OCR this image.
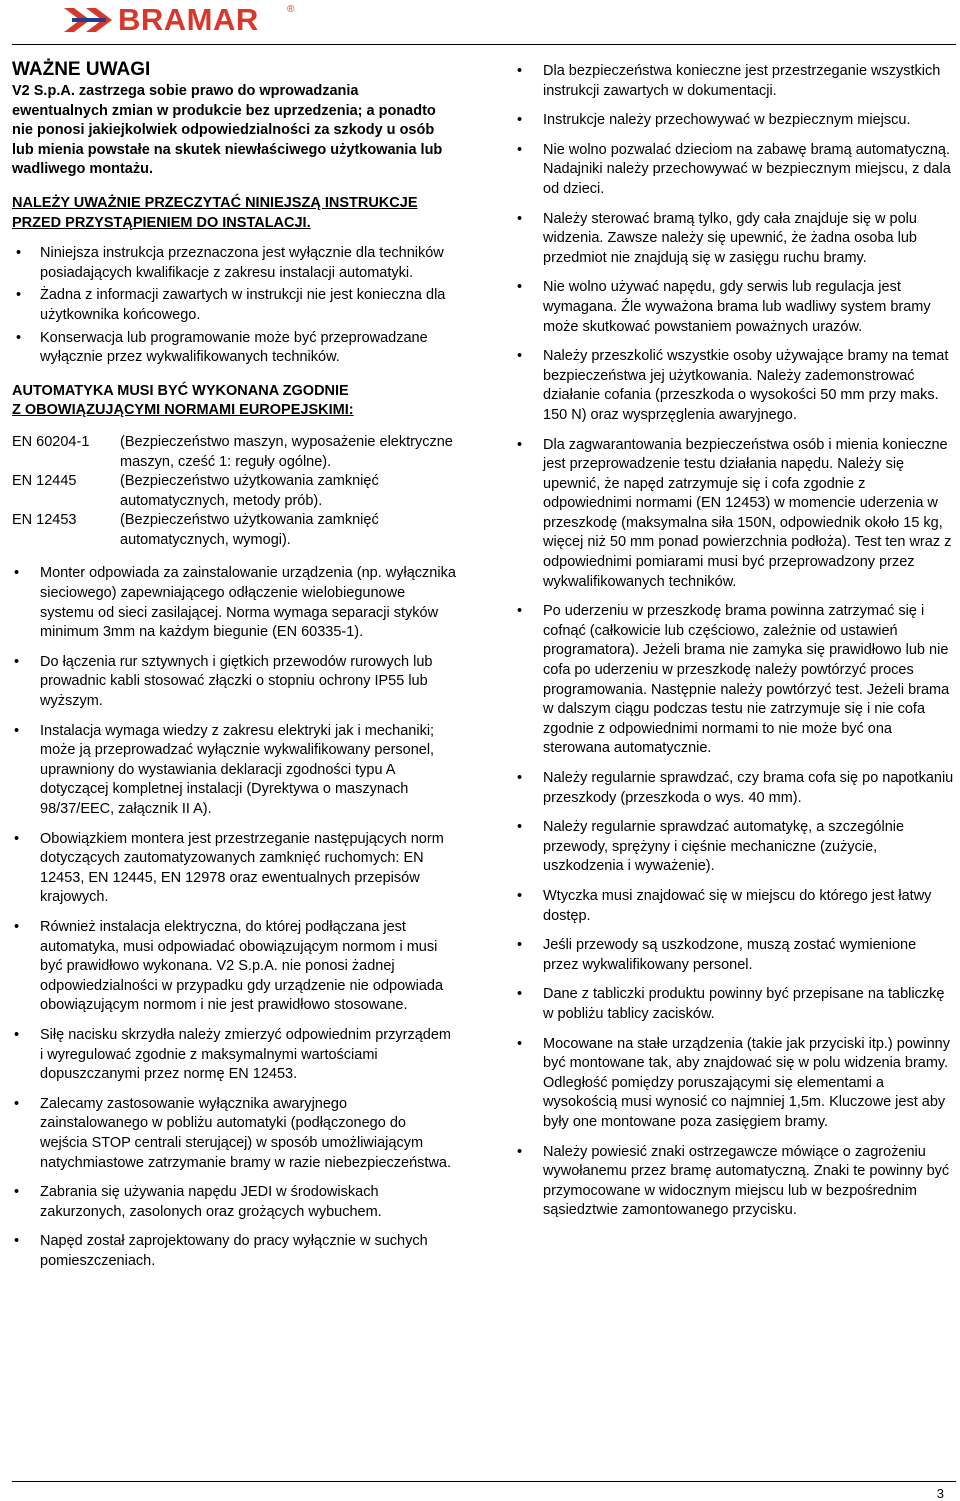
BRAMAR	®

WAŻNE UWAGI

V2 S.p.A. zastrzega sobie prawo do wprowadzania ewentualnych zmian w produkcie bez uprzedzenia; a ponadto nie ponosi jakiejkolwiek odpowiedzialności za szkody u osób lub mienia powstałe na skutek niewłaściwego użytkowania lub wadliwego montażu.

NALEŻY UWAŻNIE PRZECZYTAĆ NINIEJSZĄ INSTRUKCJE PRZED PRZYSTĄPIENIEM DO INSTALACJI.

• Niniejsza instrukcja przeznaczona jest wyłącznie dla techników posiadających kwalifikacje z zakresu instalacji automatyki.
• Żadna z informacji zawartych w instrukcji nie jest konieczna dla użytkownika końcowego.
• Konserwacja lub programowanie może być przeprowadzane wyłącznie przez wykwalifikowanych techników.

AUTOMATYKA MUSI BYĆ WYKONANA ZGODNIE
Z OBOWIĄZUJĄCYMI NORMAMI EUROPEJSKIMI:

EN 60204-1	(Bezpieczeństwo maszyn, wyposażenie elektryczne maszyn, cześć 1: reguły ogólne).
EN 12445	(Bezpieczeństwo użytkowania zamknięć automatycznych, metody prób).
EN 12453	(Bezpieczeństwo użytkowania zamknięć automatycznych, wymogi).
• Monter odpowiada za zainstalowanie urządzenia (np. wyłącznika sieciowego) zapewniającego odłączenie wielobiegunowe systemu od sieci zasilającej. Norma wymaga separacji styków minimum 3mm na każdym biegunie (EN 60335-1).
• Do łączenia rur sztywnych i giętkich przewodów rurowych lub prowadnic kabli stosować złączki o stopniu ochrony IP55 lub wyższym.
• Instalacja wymaga wiedzy z zakresu elektryki jak i mechaniki; może ją przeprowadzać wyłącznie wykwalifikowany personel, uprawniony do wystawiania deklaracji zgodności typu A dotyczącej kompletnej instalacji (Dyrektywa o maszynach 98/37/EEC, załącznik II A).
• Obowiązkiem montera jest przestrzeganie następujących norm dotyczących zautomatyzowanych zamknięć ruchomych: EN 12453, EN 12445, EN 12978 oraz ewentualnych przepisów krajowych.
• Również instalacja elektryczna, do której podłączana jest automatyka, musi odpowiadać obowiązującym normom i musi być prawidłowo wykonana. V2 S.p.A. nie ponosi żadnej odpowiedzialności w przypadku gdy urządzenie nie odpowiada obowiązującym normom i nie jest prawidłowo stosowane.
• Siłę nacisku skrzydła należy zmierzyć odpowiednim przyrządem i wyregulować zgodnie z maksymalnymi wartościami dopuszczanymi przez normę EN 12453.
• Zalecamy zastosowanie wyłącznika awaryjnego zainstalowanego w pobliżu automatyki (podłączonego do wejścia STOP centrali sterującej) w sposób umożliwiającym natychmiastowe zatrzymanie bramy w razie niebezpieczeństwa.
• Zabrania się używania napędu JEDI w środowiskach zakurzonych, zasolonych oraz grożących wybuchem.
• Napęd został zaprojektowany do pracy wyłącznie w suchych pomieszczeniach.
• Dla bezpieczeństwa konieczne jest przestrzeganie wszystkich instrukcji zawartych w dokumentacji.
• Instrukcje należy przechowywać w bezpiecznym miejscu.
• Nie wolno pozwalać dzieciom na zabawę bramą automatyczną. Nadajniki należy przechowywać w bezpiecznym miejscu, z dala od dzieci.
• Należy sterować bramą tylko, gdy cała znajduje się w polu widzenia. Zawsze należy się upewnić, że żadna osoba lub przedmiot nie znajdują się w zasięgu ruchu bramy.
• Nie wolno używać napędu, gdy serwis lub regulacja jest wymagana. Źle wyważona brama lub wadliwy system bramy może skutkować powstaniem poważnych urazów.
• Należy przeszkolić wszystkie osoby używające bramy na temat bezpieczeństwa jej użytkowania. Należy zademonstrować działanie cofania (przeszkoda o wysokości 50 mm przy maks. 150 N) oraz wysprzęglenia awaryjnego.
• Dla zagwarantowania bezpieczeństwa osób i mienia konieczne jest przeprowadzenie testu działania napędu. Należy się upewnić, że napęd zatrzymuje się i cofa zgodnie z odpowiednimi normami (EN 12453) w momencie uderzenia w przeszkodę (maksymalna siła 150N, odpowiednik około 15 kg, więcej niż 50 mm ponad powierzchnia podłoża). Test ten wraz z odpowiednimi pomiarami musi być przeprowadzony przez wykwalifikowanych techników.
• Po uderzeniu w przeszkodę brama powinna zatrzymać się i cofnąć (całkowicie lub częściowo, zależnie od ustawień programatora). Jeżeli brama nie zamyka się prawidłowo lub nie cofa po uderzeniu w przeszkodę należy powtórzyć proces programowania. Następnie należy powtórzyć test. Jeżeli brama w dalszym ciągu podczas testu nie zatrzymuje się i nie cofa zgodnie z odpowiednimi normami to nie może być ona sterowana automatycznie.
• Należy regularnie sprawdzać, czy brama cofa się po napotkaniu przeszkody (przeszkoda o wys. 40 mm).
• Należy regularnie sprawdzać automatykę, a szczególnie przewody, sprężyny i cięśnie mechaniczne (zużycie, uszkodzenia i wyważenie).
• Wtyczka musi znajdować się w miejscu do którego jest łatwy dostęp.
• Jeśli przewody są uszkodzone, muszą zostać wymienione przez wykwalifikowany personel.
• Dane z tabliczki produktu powinny być przepisane na tabliczkę w pobliżu tablicy zacisków.
• Mocowane na stałe urządzenia (takie jak przyciski itp.) powinny być montowane tak, aby znajdować się w polu widzenia bramy. Odległość pomiędzy poruszającymi się elementami a wysokością musi wynosić co najmniej 1,5m. Kluczowe jest aby były one montowane poza zasięgiem bramy.
• Należy powiesić znaki ostrzegawcze mówiące o zagrożeniu wywołanemu przez bramę automatyczną. Znaki te powinny być przymocowane w widocznym miejscu lub w bezpośrednim sąsiedztwie zamontowanego przycisku.
3
